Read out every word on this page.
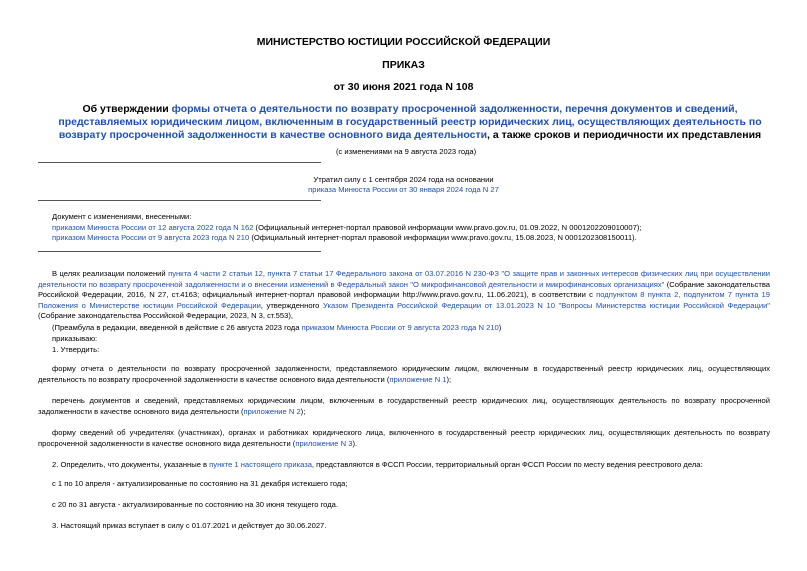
МИНИСТЕРСТВО ЮСТИЦИИ РОССИЙСКОЙ ФЕДЕРАЦИИ
ПРИКАЗ
от 30 июня 2021 года N 108
Об утверждении формы отчета о деятельности по возврату просроченной задолженности, перечня документов и сведений, представляемых юридическим лицом, включенным в государственный реестр юридических лиц, осуществляющих деятельность по возврату просроченной задолженности в качестве основного вида деятельности, а также сроков и периодичности их представления
(с изменениями на 9 августа 2023 года)
Утратил силу с 1 сентября 2024 года на основании
приказа Минюста России от 30 января 2024 года N 27
Документ с изменениями, внесенными:
приказом Минюста России от 12 августа 2022 года N 162 (Официальный интернет-портал правовой информации www.pravo.gov.ru, 01.09.2022, N 0001202209010007);
приказом Минюста России от 9 августа 2023 года N 210 (Официальный интернет-портал правовой информации www.pravo.gov.ru, 15.08.2023, N 0001202308150011).
В целях реализации положений пункта 4 части 2 статьи 12, пункта 7 статьи 17 Федерального закона от 03.07.2016 N 230-ФЗ "О защите прав и законных интересов физических лиц при осуществлении деятельности по возврату просроченной задолженности и о внесении изменений в Федеральный закон "О микрофинансовой деятельности и микрофинансовых организациях" (Собрание законодательства Российской Федерации, 2016, N 27, ст.4163; официальный интернет-портал правовой информации http://www.pravo.gov.ru, 11.06.2021), в соответствии с подпунктом 8 пункта 2, подпунктом 7 пункта 19 Положения о Министерстве юстиции Российской Федерации, утвержденного Указом Президента Российской Федерации от 13.01.2023 N 10 "Вопросы Министерства юстиции Российской Федерации" (Собрание законодательства Российской Федерации, 2023, N 3, ст.553),
(Преамбула в редакции, введенной в действие с 26 августа 2023 года приказом Минюста России от 9 августа 2023 года N 210)
приказываю:
1. Утвердить:
форму отчета о деятельности по возврату просроченной задолженности, представляемого юридическим лицом, включенным в государственный реестр юридических лиц, осуществляющих деятельность по возврату просроченной задолженности в качестве основного вида деятельности (приложение N 1);
перечень документов и сведений, представляемых юридическим лицом, включенным в государственный реестр юридических лиц, осуществляющих деятельность по возврату просроченной задолженности в качестве основного вида деятельности (приложение N 2);
форму сведений об учредителях (участниках), органах и работниках юридического лица, включенного в государственный реестр юридических лиц, осуществляющих деятельность по возврату просроченной задолженности в качестве основного вида деятельности (приложение N 3).
2. Определить, что документы, указанные в пункте 1 настоящего приказа, представляются в ФССП России, территориальный орган ФССП России по месту ведения реестрового дела:
с 1 по 10 апреля - актуализированные по состоянию на 31 декабря истекшего года;
с 20 по 31 августа - актуализированные по состоянию на 30 июня текущего года.
3. Настоящий приказ вступает в силу с 01.07.2021 и действует до 30.06.2027.
